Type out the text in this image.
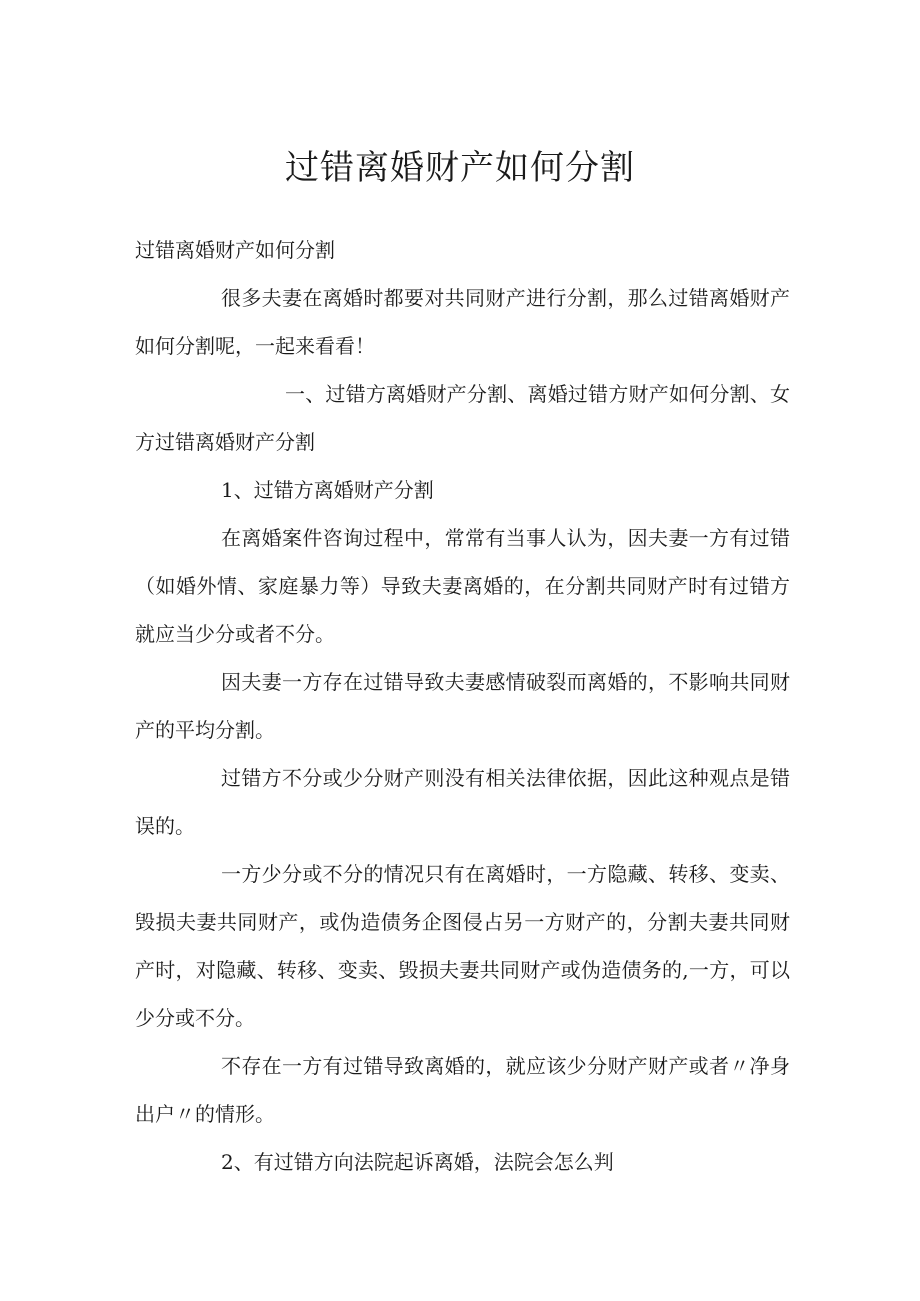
过错离婚财产如何分割

过错离婚财产如何分割

很多夫妻在离婚时都要对共同财产进行分割，那么过错离婚财产如何分割呢，一起来看看！

一、过错方离婚财产分割、离婚过错方财产如何分割、女方过错离婚财产分割

1、过错方离婚财产分割

在离婚案件咨询过程中，常常有当事人认为，因夫妻一方有过错（如婚外情、家庭暴力等）导致夫妻离婚的，在分割共同财产时有过错方就应当少分或者不分。

因夫妻一方存在过错导致夫妻感情破裂而离婚的，不影响共同财产的平均分割。

过错方不分或少分财产则没有相关法律依据，因此这种观点是错误的。

一方少分或不分的情况只有在离婚时，一方隐藏、转移、变卖、毁损夫妻共同财产，或伪造债务企图侵占另一方财产的，分割夫妻共同财产时，对隐藏、转移、变卖、毁损夫妻共同财产或伪造债务的,一方，可以少分或不分。

不存在一方有过错导致离婚的，就应该少分财产财产或者〃净身出户〃的情形。

2、有过错方向法院起诉离婚，法院会怎么判
